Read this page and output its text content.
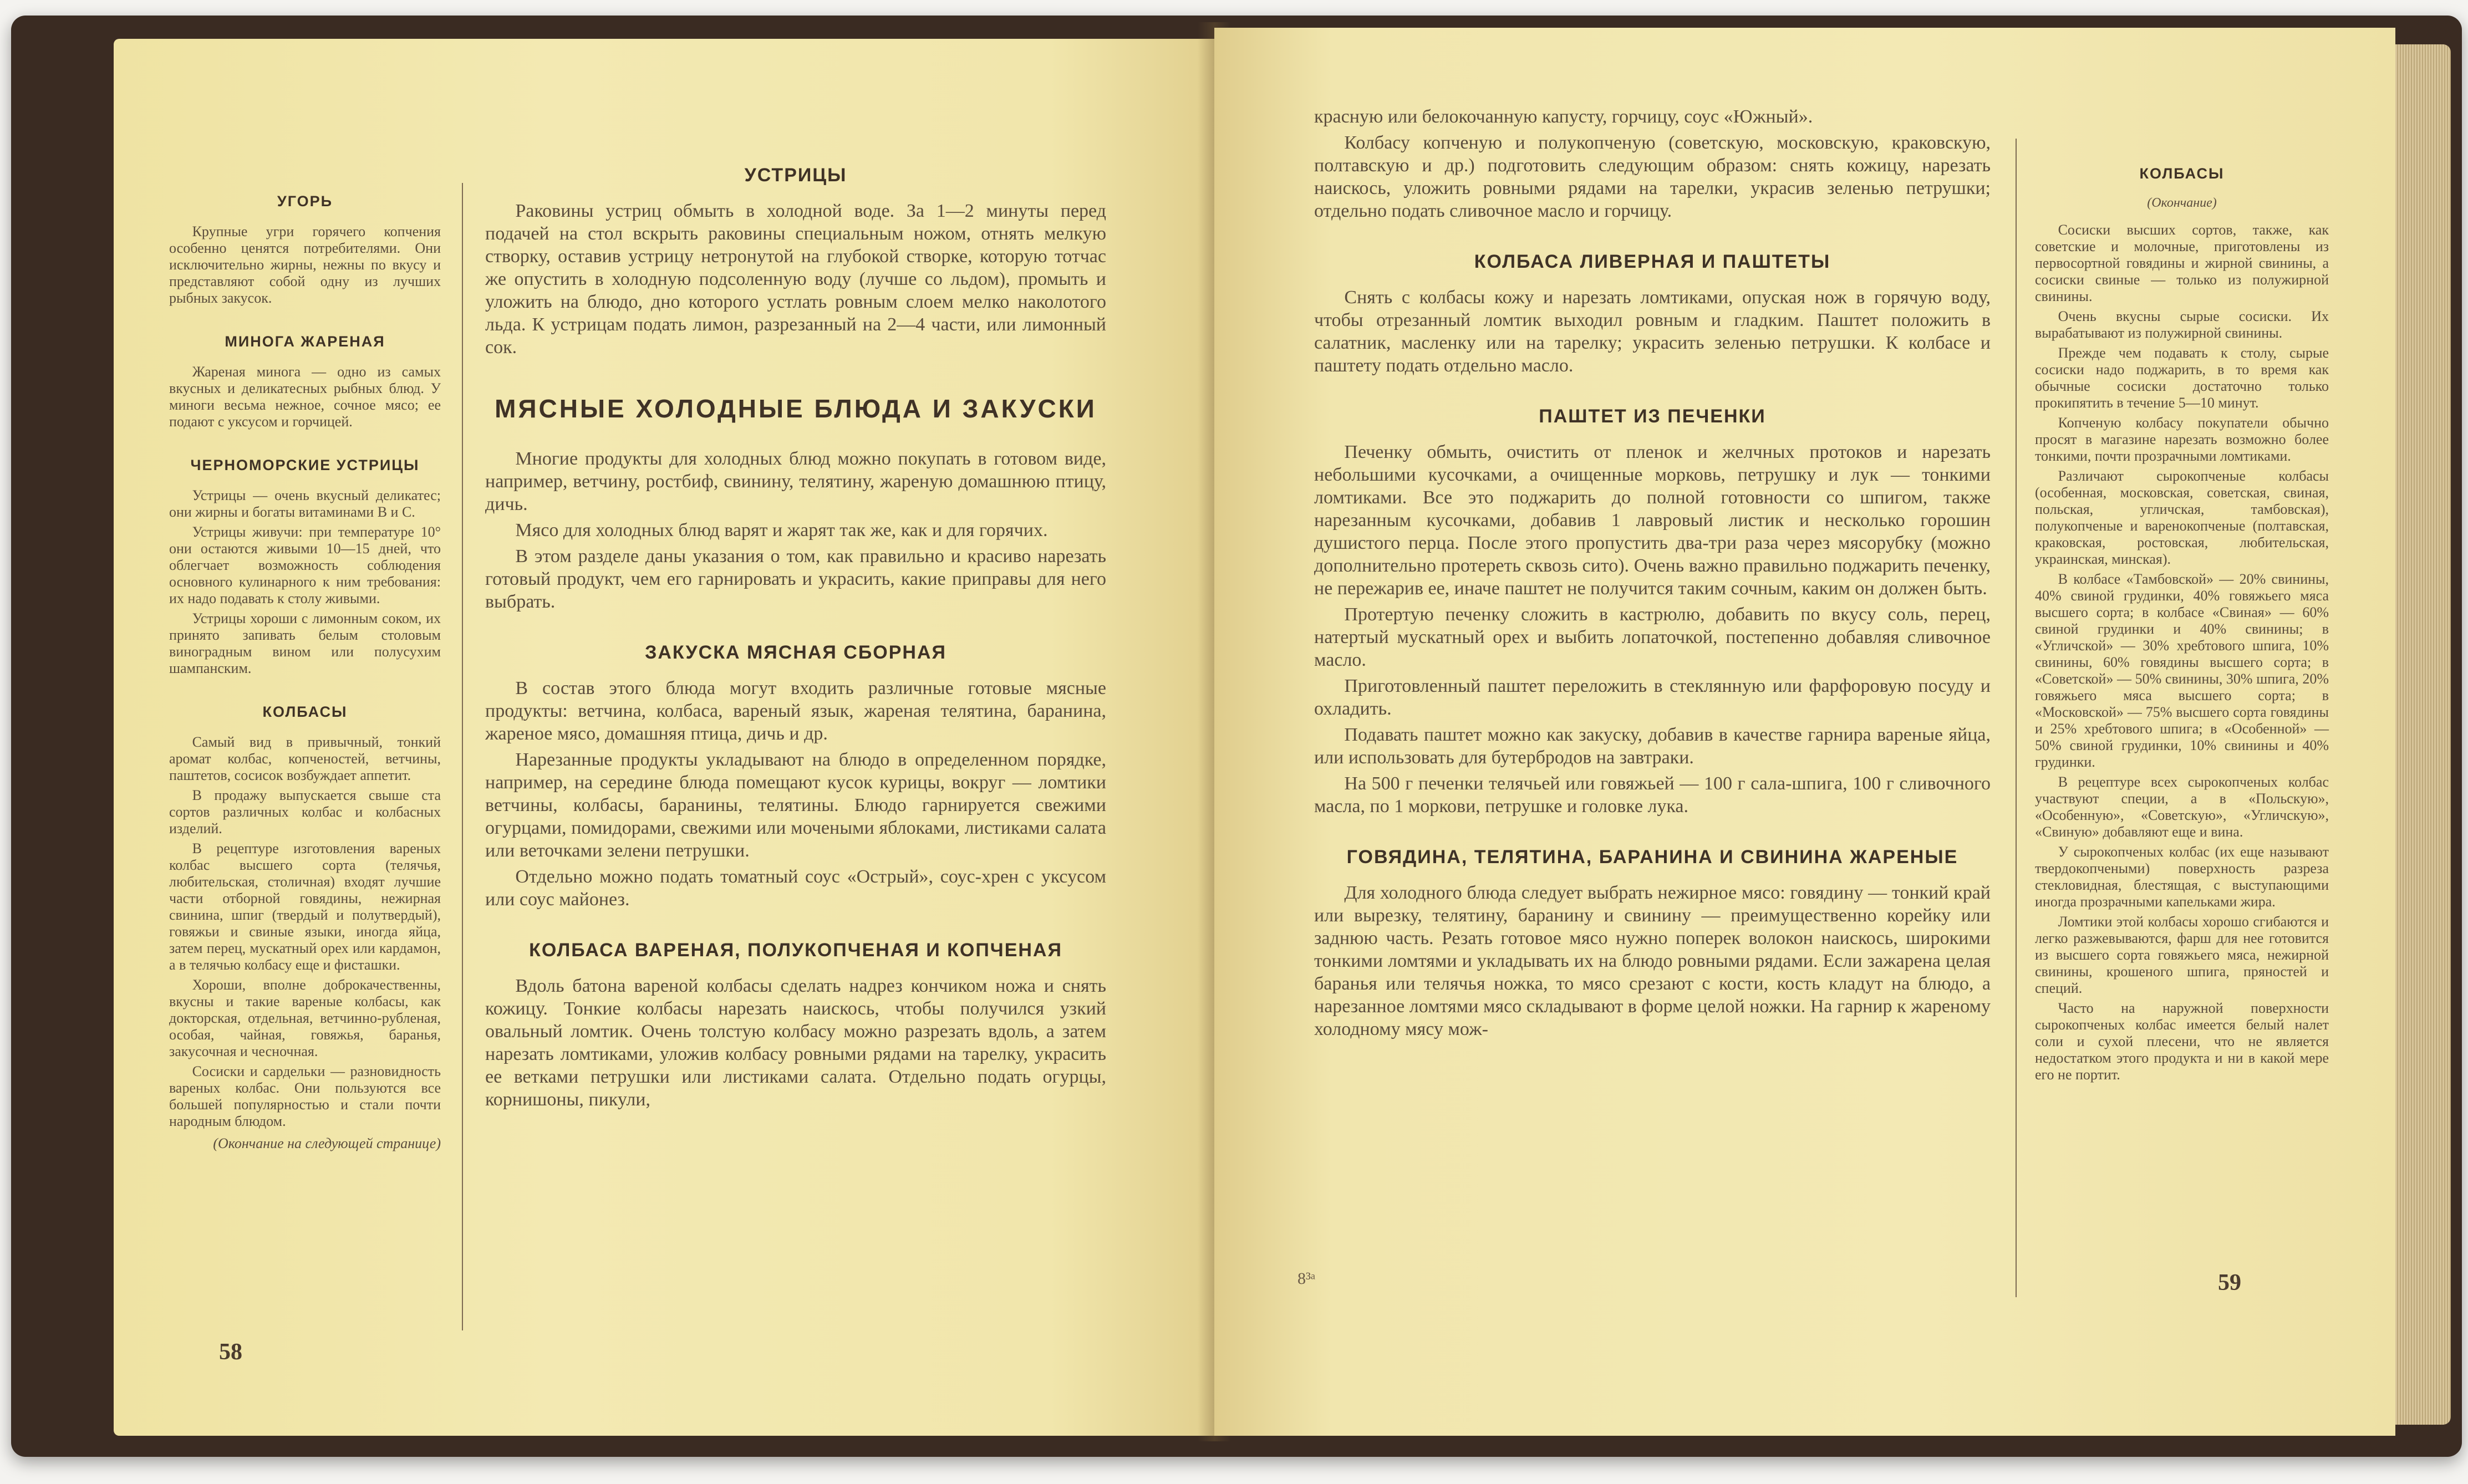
УГОРЬ

Крупные угри горячего копчения особенно ценятся потребителями. Они исключительно жирны, нежны по вкусу и представляют собой одну из лучших рыбных закусок.

МИНОГА ЖАРЕНАЯ

Жареная минога — одно из самых вкусных и деликатесных рыбных блюд. У миноги весьма нежное, сочное мясо; ее подают с уксусом и горчицей.

ЧЕРНОМОРСКИЕ УСТРИЦЫ

Устрицы — очень вкусный деликатес; они жирны и богаты витаминами В и С.

Устрицы живучи: при температуре 10° они остаются живыми 10—15 дней, что облегчает возможность соблюдения основного кулинарного к ним требования: их надо подавать к столу живыми.

Устрицы хороши с лимонным соком, их принято запивать белым столовым виноградным вином или полусухим шампанским.

КОЛБАСЫ

Самый вид в привычный, тонкий аромат колбас, копченостей, ветчины, паштетов, сосисок возбуждает аппетит.

В продажу выпускается свыше ста сортов различных колбас и колбасных изделий.

В рецептуре изготовления вареных колбас высшего сорта (телячья, любительская, столичная) входят лучшие части отборной говядины, нежирная свинина, шпиг (твердый и полутвердый), говяжьи и свиные языки, иногда яйца, затем перец, мускатный орех или кардамон, а в телячью колбасу еще и фисташки.

Хороши, вполне доброкачественны, вкусны и такие вареные колбасы, как докторская, отдельная, ветчинно-рубленая, особая, чайная, говяжья, баранья, закусочная и чесночная.

Сосиски и сардельки — разновидность вареных колбас. Они пользуются все большей популярностью и стали почти народным блюдом.

(Окончание на следующей странице)
УСТРИЦЫ

Раковины устриц обмыть в холодной воде. За 1—2 минуты перед подачей на стол вскрыть раковины специальным ножом, отнять мелкую створку, оставив устрицу нетронутой на глубокой створке, которую тотчас же опустить в холодную подсоленную воду (лучше со льдом), промыть и уложить на блюдо, дно которого устлать ровным слоем мелко наколотого льда. К устрицам подать лимон, разрезанный на 2—4 части, или лимонный сок.

МЯСНЫЕ ХОЛОДНЫЕ БЛЮДА И ЗАКУСКИ

Многие продукты для холодных блюд можно покупать в готовом виде, например, ветчину, ростбиф, свинину, телятину, жареную домашнюю птицу, дичь.

Мясо для холодных блюд варят и жарят так же, как и для горячих.

В этом разделе даны указания о том, как правильно и красиво нарезать готовый продукт, чем его гарнировать и украсить, какие приправы для него выбрать.

ЗАКУСКА МЯСНАЯ СБОРНАЯ

В состав этого блюда могут входить различные готовые мясные продукты: ветчина, колбаса, вареный язык, жареная телятина, баранина, жареное мясо, домашняя птица, дичь и др.

Нарезанные продукты укладывают на блюдо в определенном порядке, например, на середине блюда помещают кусок курицы, вокруг — ломтики ветчины, колбасы, баранины, телятины. Блюдо гарнируется свежими огурцами, помидорами, свежими или мочеными яблоками, листиками салата или веточками зелени петрушки.

Отдельно можно подать томатный соус «Острый», соус-хрен с уксусом или соус майонез.

КОЛБАСА ВАРЕНАЯ, ПОЛУКОПЧЕНАЯ И КОПЧЕНАЯ

Вдоль батона вареной колбасы сделать надрез кончиком ножа и снять кожицу. Тонкие колбасы нарезать наискось, чтобы получился узкий овальный ломтик. Очень толстую колбасу можно разрезать вдоль, а затем нарезать ломтиками, уложив колбасу ровными рядами на тарелку, украсить ее ветками петрушки или листиками салата. Отдельно подать огурцы, корнишоны, пикули,

58

красную или белокочанную капусту, горчицу, соус «Южный».

Колбасу копченую и полукопченую (советскую, московскую, краковскую, полтавскую и др.) подготовить следующим образом: снять кожицу, нарезать наискось, уложить ровными рядами на тарелки, украсив зеленью петрушки; отдельно подать сливочное масло и горчицу.

КОЛБАСА ЛИВЕРНАЯ И ПАШТЕТЫ

Снять с колбасы кожу и нарезать ломтиками, опуская нож в горячую воду, чтобы отрезанный ломтик выходил ровным и гладким. Паштет положить в салатник, масленку или на тарелку; украсить зеленью петрушки. К колбасе и паштету подать отдельно масло.

ПАШТЕТ ИЗ ПЕЧЕНКИ

Печенку обмыть, очистить от пленок и желчных протоков и нарезать небольшими кусочками, а очищенные морковь, петрушку и лук — тонкими ломтиками. Все это поджарить до полной готовности со шпигом, также нарезанным кусочками, добавив 1 лавровый листик и несколько горошин душистого перца. После этого пропустить два-три раза через мясорубку (можно дополнительно протереть сквозь сито). Очень важно правильно поджарить печенку, не пережарив ее, иначе паштет не получится таким сочным, каким он должен быть.

Протертую печенку сложить в кастрюлю, добавить по вкусу соль, перец, натертый мускатный орех и выбить лопаточкой, постепенно добавляя сливочное масло.

Приготовленный паштет переложить в стеклянную или фарфоровую посуду и охладить.

Подавать паштет можно как закуску, добавив в качестве гарнира вареные яйца, или использовать для бутербродов на завтраки.

На 500 г печенки телячьей или говяжьей — 100 г сала-шпига, 100 г сливочного масла, по 1 моркови, петрушке и головке лука.

ГОВЯДИНА, ТЕЛЯТИНА, БАРАНИНА И СВИНИНА ЖАРЕНЫЕ

Для холодного блюда следует выбрать нежирное мясо: говядину — тонкий край или вырезку, телятину, баранину и свинину — преимущественно корейку или заднюю часть. Резать готовое мясо нужно поперек волокон наискось, широкими тонкими ломтями и укладывать их на блюдо ровными рядами. Если зажарена целая баранья или телячья ножка, то мясо срезают с кости, кость кладут на блюдо, а нарезанное ломтями мясо складывают в форме целой ножки. На гарнир к жареному холодному мясу мож-

КОЛБАСЫ
(Окончание)

Сосиски высших сортов, также, как советские и молочные, приготовлены из первосортной говядины и жирной свинины, а сосиски свиные — только из полужирной свинины.

Очень вкусны сырые сосиски. Их вырабатывают из полужирной свинины.

Прежде чем подавать к столу, сырые сосиски надо поджарить, в то время как обычные сосиски достаточно только прокипятить в течение 5—10 минут.

Копченую колбасу покупатели обычно просят в магазине нарезать возможно более тонкими, почти прозрачными ломтиками.

Различают сырокопченые колбасы (особенная, московская, советская, свиная, польская, угличская, тамбовская), полукопченые и варенокопченые (полтавская, краковская, ростовская, любительская, украинская, минская).

В колбасе «Тамбовской» — 20% свинины, 40% свиной грудинки, 40% говяжьего мяса высшего сорта; в колбасе «Свиная» — 60% свиной грудинки и 40% свинины; в «Угличской» — 30% хребтового шпига, 10% свинины, 60% говядины высшего сорта; в «Советской» — 50% свинины, 30% шпига, 20% говяжьего мяса высшего сорта; в «Московской» — 75% высшего сорта говядины и 25% хребтового шпига; в «Особенной» — 50% свиной грудинки, 10% свинины и 40% грудинки.

В рецептуре всех сырокопченых колбас участвуют специи, а в «Польскую», «Особенную», «Советскую», «Угличскую», «Свиную» добавляют еще и вина.

У сырокопченых колбас (их еще называют твердокопчеными) поверхность разреза стекловидная, блестящая, с выступающими иногда прозрачными капельками жира.

Ломтики этой колбасы хорошо сгибаются и легко разжевываются, фарш для нее готовится из высшего сорта говяжьего мяса, нежирной свинины, крошеного шпига, пряностей и специй.

Часто на наружной поверхности сырокопченых колбас имеется белый налет соли и сухой плесени, что не является недостатком этого продукта и ни в какой мере его не портит.

8³ᵃ	59
